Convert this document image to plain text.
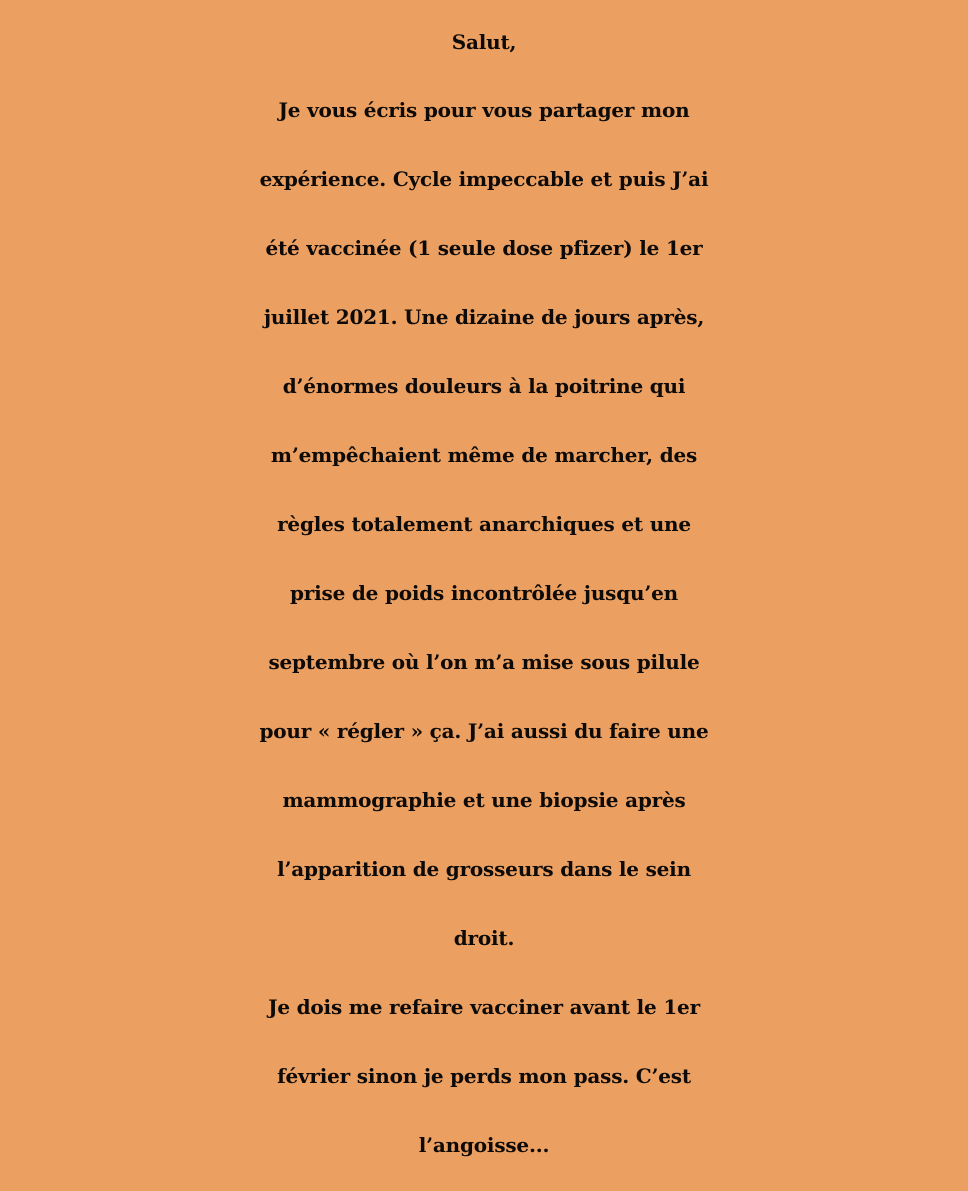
Salut,
Je vous écris pour vous partager mon
expérience. Cycle impeccable et puis J’ai
été vaccinée (1 seule dose pfizer) le 1er
juillet 2021. Une dizaine de jours après,
d’énormes douleurs à la poitrine qui
m’empêchaient même de marcher, des
règles totalement anarchiques et une
prise de poids incontrôlée jusqu’en
septembre où l’on m’a mise sous pilule
pour « régler » ça. J’ai aussi du faire une
mammographie et une biopsie après
l’apparition de grosseurs dans le sein
droit.
Je dois me refaire vacciner avant le 1er
février sinon je perds mon pass. C’est
l’angoisse...
